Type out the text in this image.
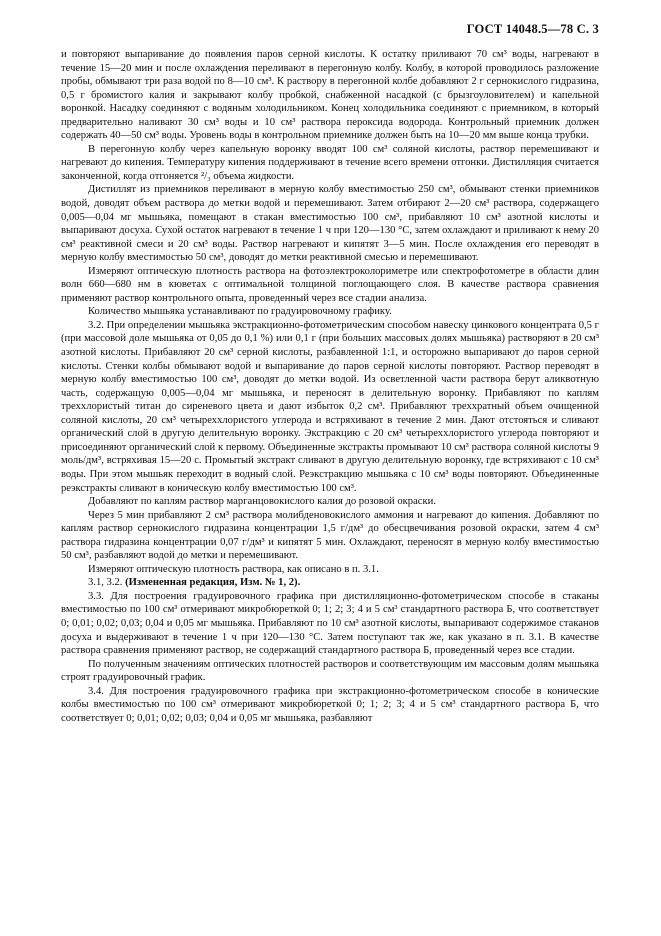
ГОСТ 14048.5—78 С. 3

и повторяют выпаривание до появления паров серной кислоты. К остатку приливают 70 см³ воды, нагревают в течение 15—20 мин и после охлаждения переливают в перегонную колбу. Колбу, в которой проводилось разложение пробы, обмывают три раза водой по 8—10 см³. К раствору в перегонной колбе добавляют 2 г сернокислого гидразина, 0,5 г бромистого калия и закрывают колбу пробкой, снабженной насадкой (с брызгоуловителем) и капельной воронкой. Насадку соединяют с водяным холодильником. Конец холодильника соединяют с приемником, в который предварительно наливают 30 см³ воды и 10 см³ раствора пероксида водорода. Контрольный приемник должен содержать 40—50 см³ воды. Уровень воды в контрольном приемнике должен быть на 10—20 мм выше конца трубки.

В перегонную колбу через капельную воронку вводят 100 см³ соляной кислоты, раствор перемешивают и нагревают до кипения. Температуру кипения поддерживают в течение всего времени отгонки. Дистилляция считается законченной, когда отгоняется ²/₃ объема жидкости.

Дистиллят из приемников переливают в мерную колбу вместимостью 250 см³, обмывают стенки приемников водой, доводят объем раствора до метки водой и перемешивают. Затем отбирают 2—20 см³ раствора, содержащего 0,005—0,04 мг мышьяка, помещают в стакан вместимостью 100 см³, прибавляют 10 см³ азотной кислоты и выпаривают досуха. Сухой остаток нагревают в течение 1 ч при 120—130 °С, затем охлаждают и приливают к нему 20 см³ реактивной смеси и 20 см³ воды. Раствор нагревают и кипятят 3—5 мин. После охлаждения его переводят в мерную колбу вместимостью 50 см³, доводят до метки реактивной смесью и перемешивают.

Измеряют оптическую плотность раствора на фотоэлектроколориметре или спектрофотометре в области длин волн 660—680 нм в кюветах с оптимальной толщиной поглощающего слоя. В качестве раствора сравнения применяют раствор контрольного опыта, проведенный через все стадии анализа.

Количество мышьяка устанавливают по градуировочному графику.

3.2. При определении мышьяка экстракционно-фотометрическим способом навеску цинкового концентрата 0,5 г (при массовой доле мышьяка от 0,05 до 0,1 %) или 0,1 г (при больших массовых долях мышьяка) растворяют в 20 см³ азотной кислоты. Прибавляют 20 см³ серной кислоты, разбавленной 1:1, и осторожно выпаривают до паров серной кислоты. Стенки колбы обмывают водой и выпаривание до паров серной кислоты повторяют. Раствор переводят в мерную колбу вместимостью 100 см³, доводят до метки водой. Из осветленной части раствора берут аликвотную часть, содержащую 0,005—0,04 мг мышьяка, и переносят в делительную воронку. Прибавляют по каплям треххлористый титан до сиреневого цвета и дают избыток 0,2 см³. Прибавляют треххратный объем очищенной соляной кислоты, 20 см³ четыреххлористого углерода и встряхивают в течение 2 мин. Дают отстояться и сливают органический слой в другую делительную воронку. Экстракцию с 20 см³ четыреххлористого углерода повторяют и присоединяют органический слой к первому. Объединенные экстракты промывают 10 см³ раствора соляной кислоты 9 моль/дм³, встряхивая 15—20 с. Промытый экстракт сливают в другую делительную воронку, где встряхивают с 10 см³ воды. При этом мышьяк переходит в водный слой. Реэкстракцию мышьяка с 10 см³ воды повторяют. Объединенные реэкстракты сливают в коническую колбу вместимостью 100 см³.

Добавляют по каплям раствор марганцовокислого калия до розовой окраски.

Через 5 мин прибавляют 2 см³ раствора молибденовокислого аммония и нагревают до кипения. Добавляют по каплям раствор сернокислого гидразина концентрации 1,5 г/дм³ до обесцвечивания розовой окраски, затем 4 см³ раствора гидразина концентрации 0,07 г/дм³ и кипятят 5 мин. Охлаждают, переносят в мерную колбу вместимостью 50 см³, разбавляют водой до метки и перемешивают.

Измеряют оптическую плотность раствора, как описано в п. 3.1.

3.1, 3.2. (Измененная редакция, Изм. № 1, 2).

3.3. Для построения градуировочного графика при дистилляционно-фотометрическом способе в стаканы вместимостью по 100 см³ отмеривают микробюреткой 0; 1; 2; 3; 4 и 5 см³ стандартного раствора Б, что соответствует 0; 0,01; 0,02; 0,03; 0,04 и 0,05 мг мышьяка. Прибавляют по 10 см³ азотной кислоты, выпаривают содержимое стаканов досуха и выдерживают в течение 1 ч при 120—130 °С. Затем поступают так же, как указано в п. 3.1. В качестве раствора сравнения применяют раствор, не содержащий стандартного раствора Б, проведенный через все стадии.

По полученным значениям оптических плотностей растворов и соответствующим им массовым долям мышьяка строят градуировочный график.

3.4. Для построения градуировочного графика при экстракционно-фотометрическом способе в конические колбы вместимостью по 100 см³ отмеривают микробюреткой 0; 1; 2; 3; 4 и 5 см³ стандартного раствора Б, что соответствует 0; 0,01; 0,02; 0,03; 0,04 и 0,05 мг мышьяка, разбавляют
